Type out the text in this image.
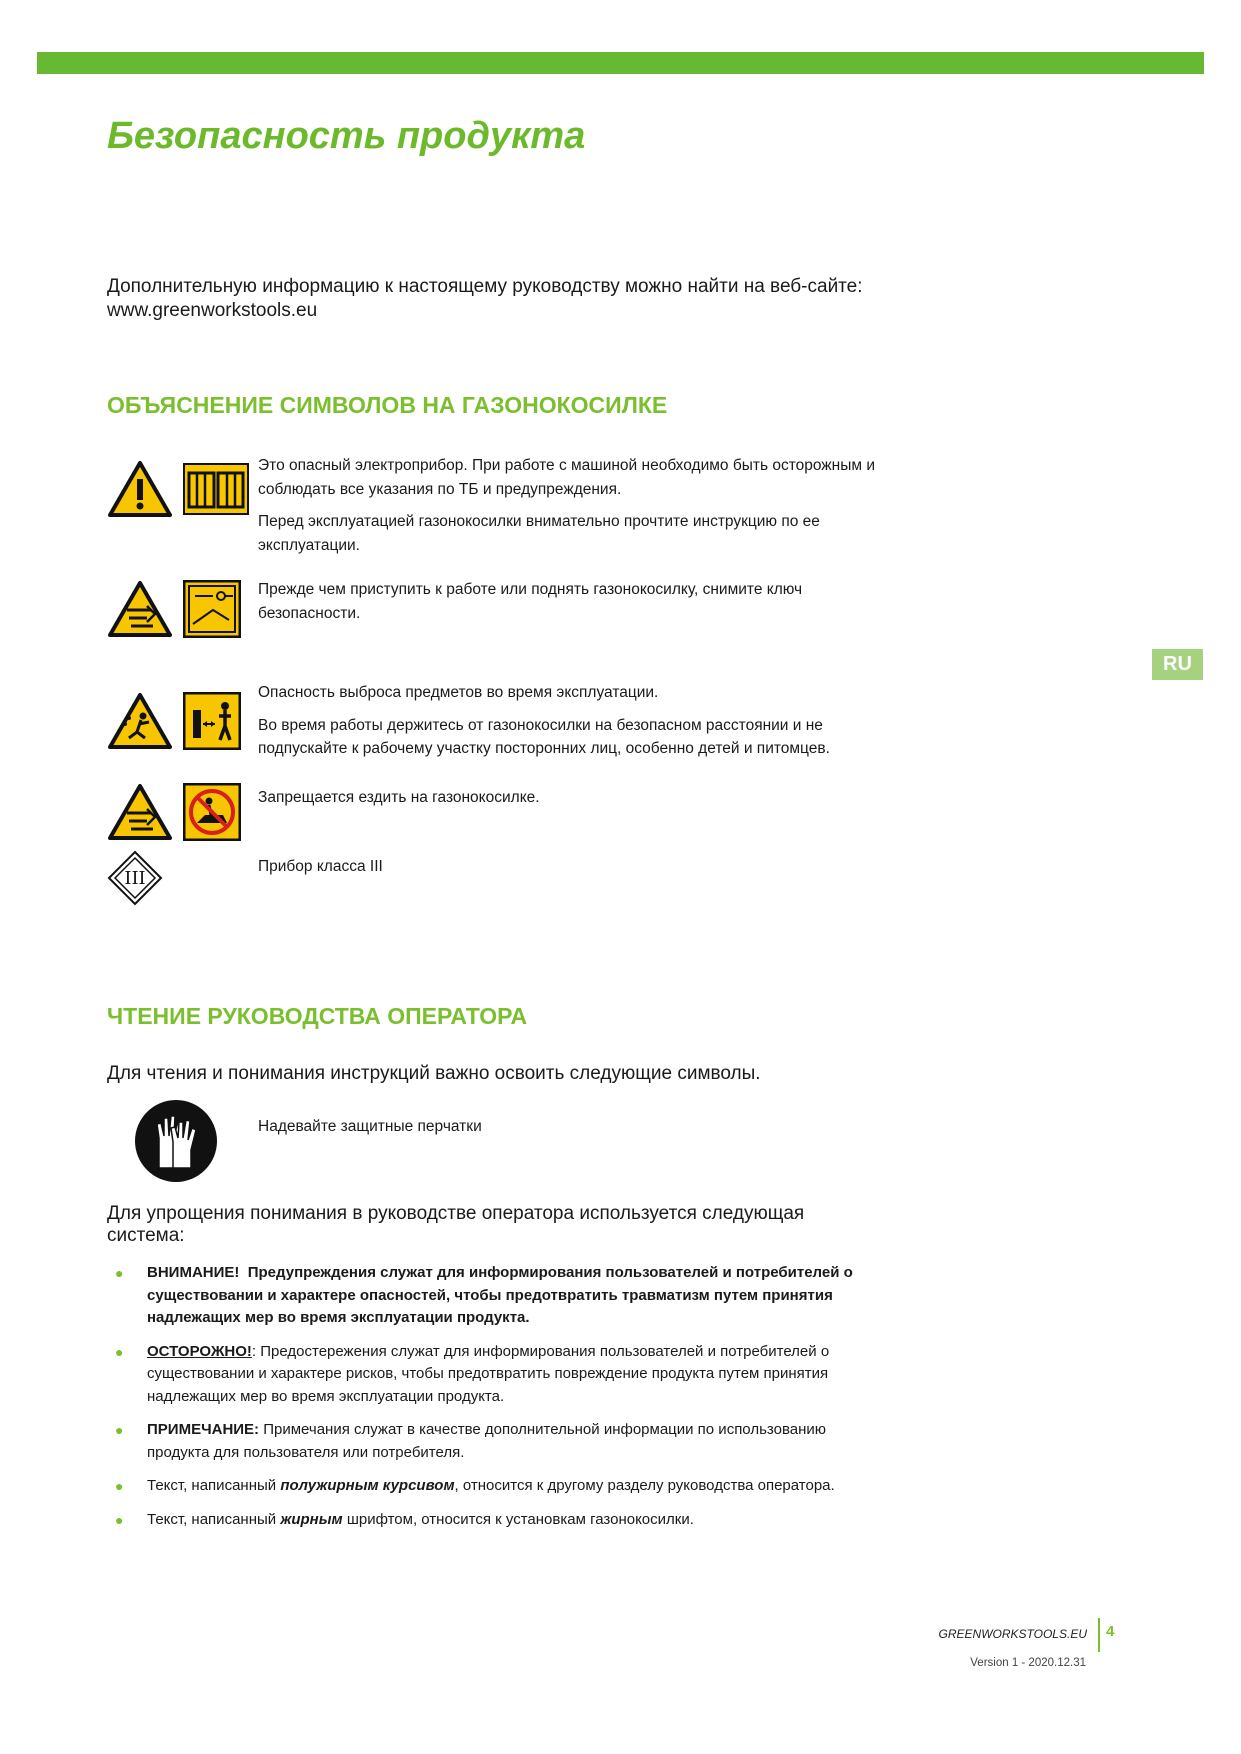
Безопасность продукта

Дополнительную информацию к настоящему руководству можно найти на веб-сайте: www.greenworkstools.eu

ОБЪЯСНЕНИЕ СИМВОЛОВ НА ГАЗОНОКОСИЛКЕ

Это опасный электроприбор. При работе с машиной необходимо быть осторожным и соблюдать все указания по ТБ и предупреждения.

Перед эксплуатацией газонокосилки внимательно прочтите инструкцию по ее эксплуатации.

Прежде чем приступить к работе или поднять газонокосилку, снимите ключ безопасности.

Опасность выброса предметов во время эксплуатации.

Во время работы держитесь от газонокосилки на безопасном расстоянии и не подпускайте к рабочему участку посторонних лиц, особенно детей и питомцев.

Запрещается ездить на газонокосилке.

III

Прибор класса III

RU
ЧТЕНИЕ РУКОВОДСТВА ОПЕРАТОРА

Для чтения и понимания инструкций важно освоить следующие символы.

Надевайте защитные перчатки

Для упрощения понимания в руководстве оператора используется следующая система:

● ВНИМАНИЕ! Предупреждения служат для информирования пользователей и потребителей о существовании и характере опасностей, чтобы предотвратить травматизм путем принятия надлежащих мер во время эксплуатации продукта.
● ОСТОРОЖНО!: Предостережения служат для информирования пользователей и потребителей о существовании и характере рисков, чтобы предотвратить повреждение продукта путем принятия надлежащих мер во время эксплуатации продукта.
● ПРИМЕЧАНИЕ: Примечания служат в качестве дополнительной информации по использованию продукта для пользователя или потребителя.
● Текст, написанный полужирным курсивом, относится к другому разделу руководства оператора.
● Текст, написанный жирным шрифтом, относится к установкам газонокосилки.
GREENWORKSTOOLS.EU 4
Version 1 - 2020.12.31
